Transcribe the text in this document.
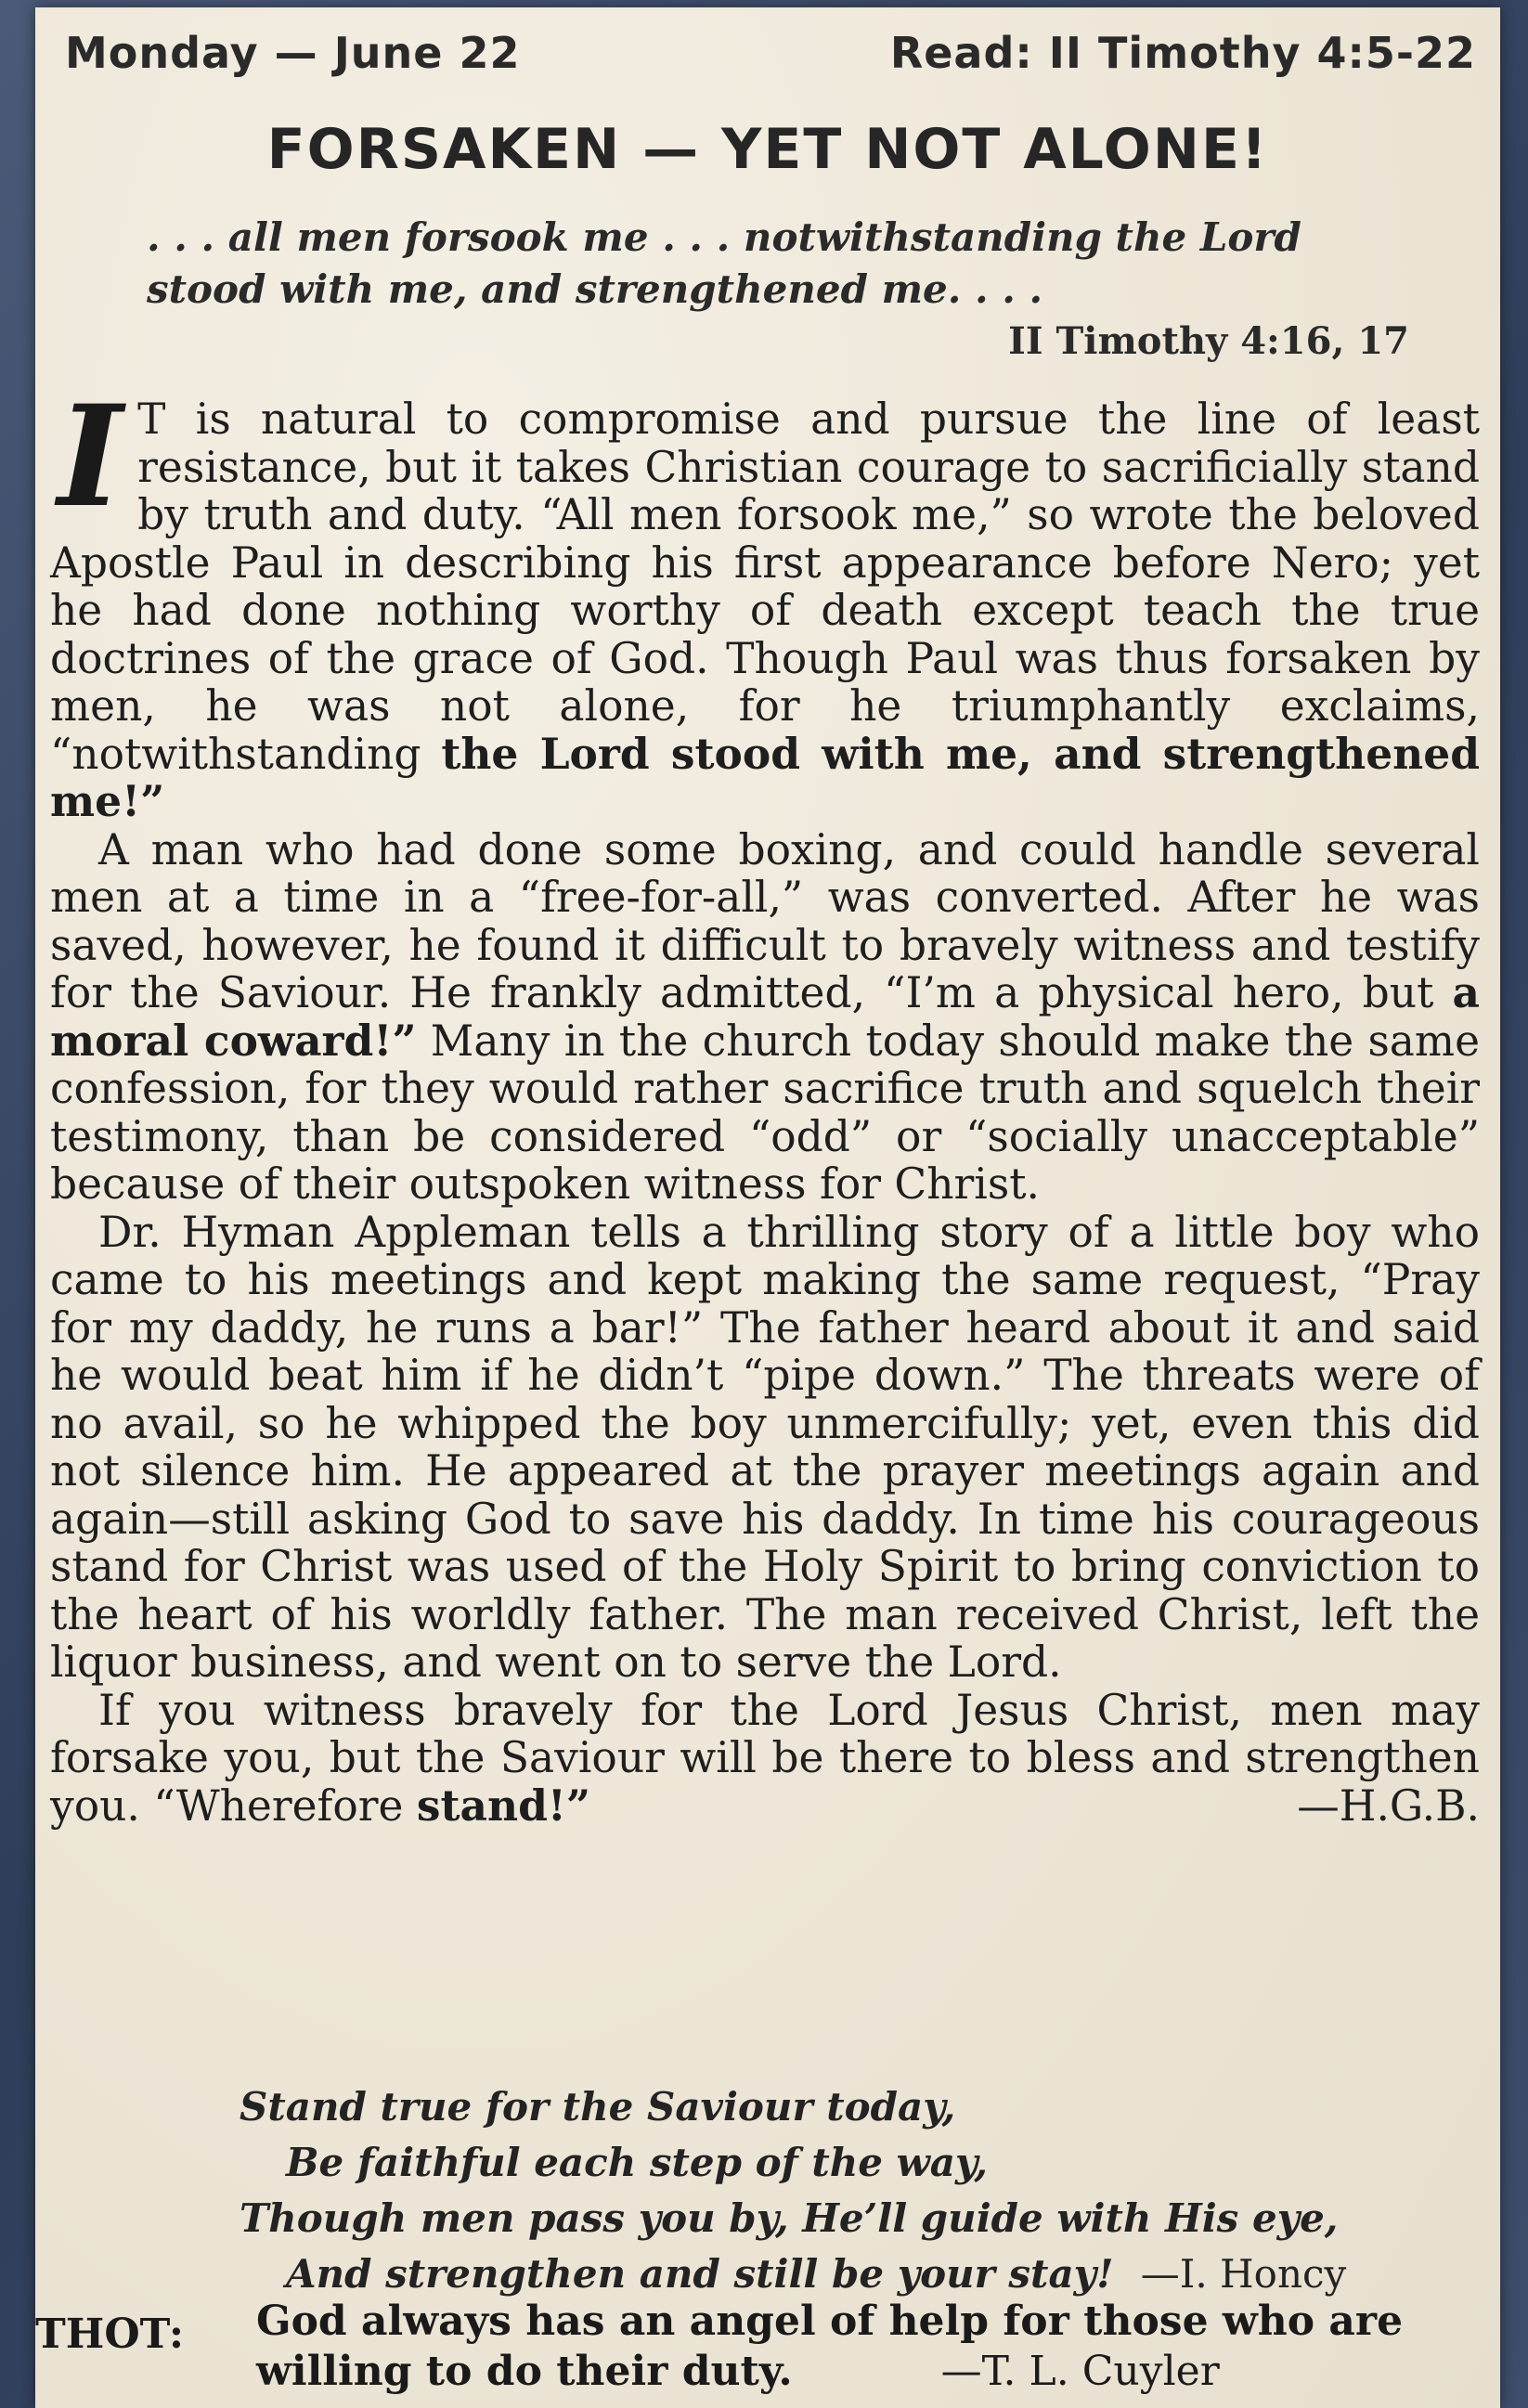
Monday — June 22	Read: II Timothy 4:5-22
FORSAKEN — YET NOT ALONE!
. . . all men forsook me . . . notwithstanding the Lord
stood with me, and strengthened me. . . .
II Timothy 4:16, 17

I T is natural to compromise and pursue the line of least resistance, but it takes Christian courage to sacrificially stand by truth and duty. “All men forsook me,” so wrote the beloved Apostle Paul in describing his first appearance before Nero; yet he had done nothing worthy of death except teach the true doctrines of the grace of God. Though Paul was thus forsaken by men, he was not alone, for he triumphantly exclaims, “notwithstanding the Lord stood with me, and strengthened me!”

A man who had done some boxing, and could handle several men at a time in a “free-for-all,” was converted. After he was saved, however, he found it difficult to bravely witness and testify for the Saviour. He frankly admitted, “I’m a physical hero, but a moral coward!” Many in the church today should make the same confession, for they would rather sacrifice truth and squelch their testimony, than be considered “odd” or “socially unacceptable” because of their outspoken witness for Christ.

Dr. Hyman Appleman tells a thrilling story of a little boy who came to his meetings and kept making the same request, “Pray for my daddy, he runs a bar!” The father heard about it and said he would beat him if he didn’t “pipe down.” The threats were of no avail, so he whipped the boy unmercifully; yet, even this did not silence him. He appeared at the prayer meetings again and again—still asking God to save his daddy. In time his courageous stand for Christ was used of the Holy Spirit to bring conviction to the heart of his worldly father. The man received Christ, left the liquor business, and went on to serve the Lord.

If you witness bravely for the Lord Jesus Christ, men may forsake you, but the Saviour will be there to bless and strengthen you. “Wherefore stand!”	—H.G.B.

Stand true for the Saviour today,
Be faithful each step of the way,
Though men pass you by, He’ll guide with His eye,
And strengthen and still be your stay! —I. Honcy
THOT: God always has an angel of help for those who are willing to do their duty.	—T. L. Cuyler
